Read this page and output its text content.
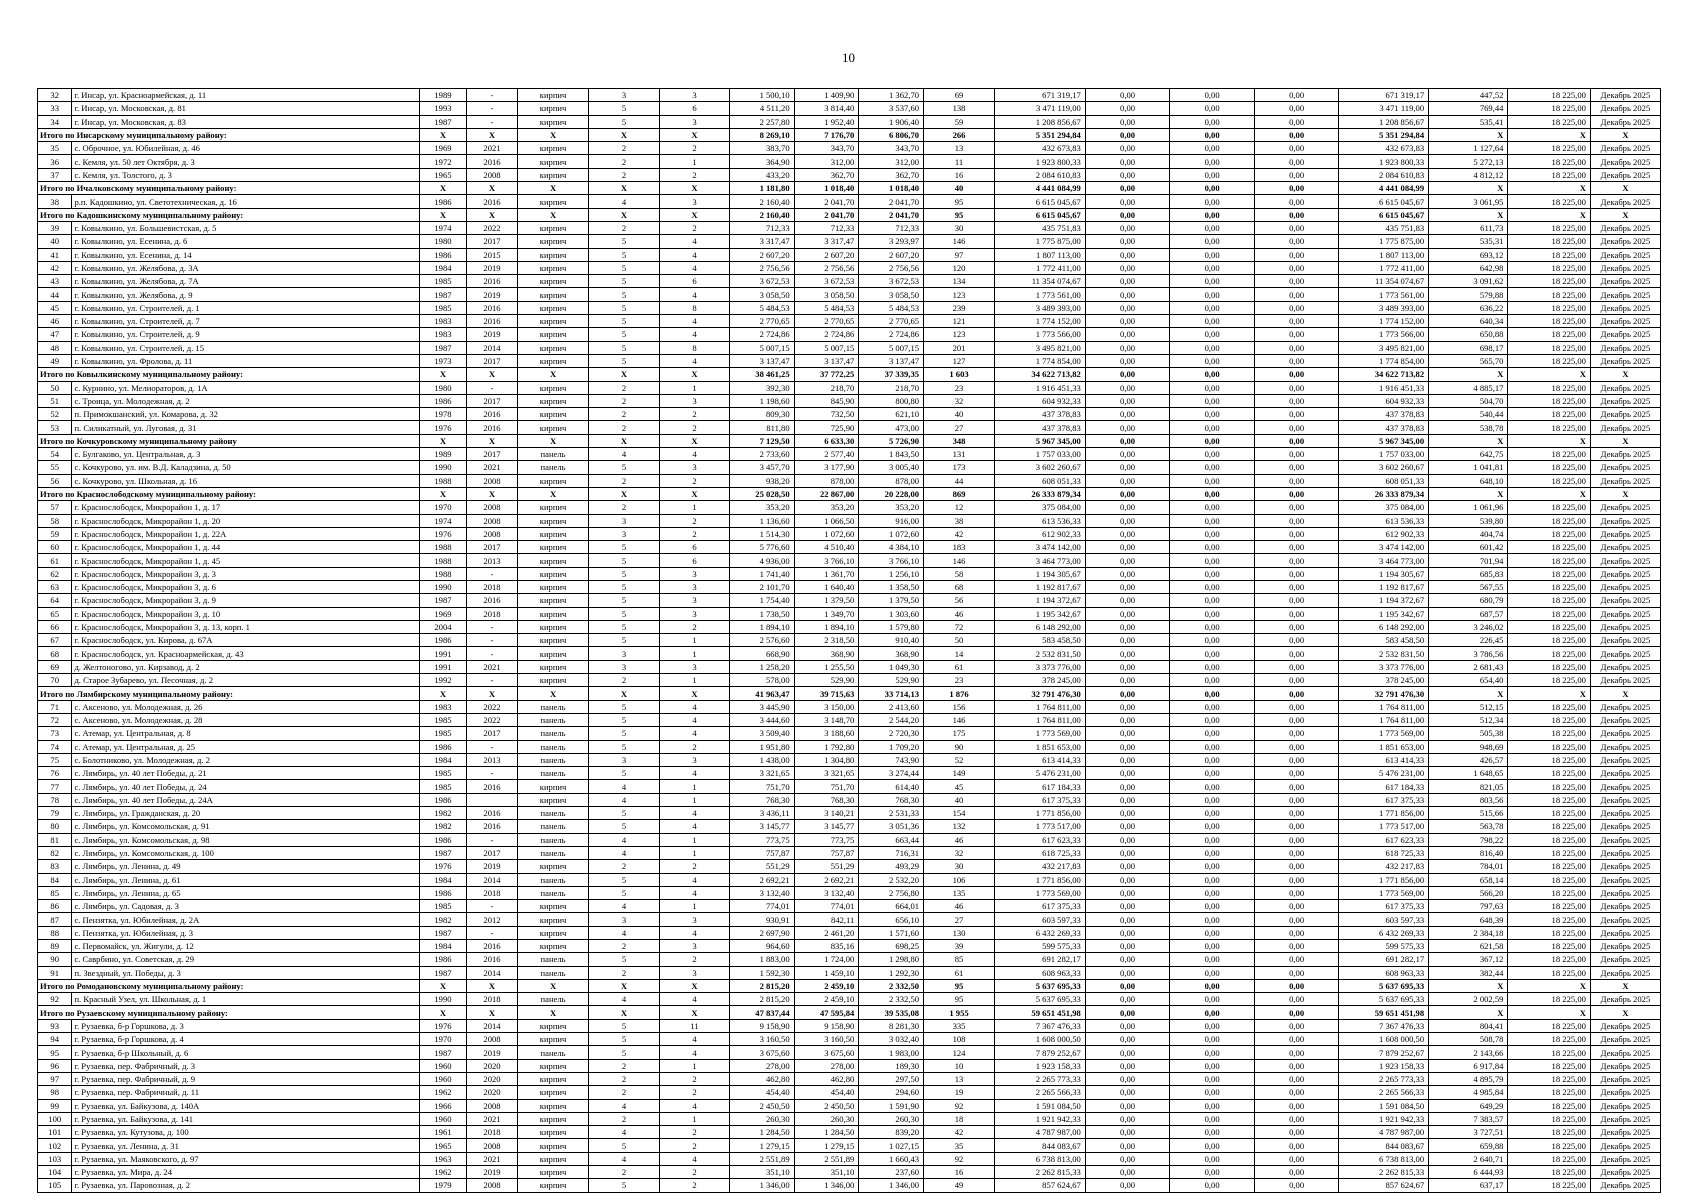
10
32	г. Инсар, ул. Красноармейская, д. 11	1989	-	кирпич	3	3	1 500,10	1 409,90	1 362,70	69	671 319,17	0,00	0,00	0,00	671 319,17	447,52	18 225,00	Декабрь 2025
33	г. Инсар, ул. Московская, д. 81	1993	-	кирпич	5	6	4 511,20	3 814,40	3 537,60	138	3 471 119,00	0,00	0,00	0,00	3 471 119,00	769,44	18 225,00	Декабрь 2025
34	г. Инсар, ул. Московская, д. 83	1987	-	кирпич	5	3	2 257,80	1 952,40	1 906,40	59	1 208 856,67	0,00	0,00	0,00	1 208 856,67	535,41	18 225,00	Декабрь 2025
Итого по Инсарскому муниципальному району:		X	X	X	X	X	8 269,10	7 176,70	6 806,70	266	5 351 294,84	0,00	0,00	0,00	5 351 294,84	X	X	X
35	с. Оброчное, ул. Юбилейная, д. 46	1969	2021	кирпич	2	2	383,70	343,70	343,70	13	432 673,83	0,00	0,00	0,00	432 673,83	1 127,64	18 225,00	Декабрь 2025
36	с. Кемля, ул. 50 лет Октября, д. 3	1972	2016	кирпич	2	1	364,90	312,00	312,00	11	1 923 800,33	0,00	0,00	0,00	1 923 800,33	5 272,13	18 225,00	Декабрь 2025
37	с. Кемля, ул. Толстого, д. 3	1965	2008	кирпич	2	2	433,20	362,70	362,70	16	2 084 610,83	0,00	0,00	0,00	2 084 610,83	4 812,12	18 225,00	Декабрь 2025
Итого по Ичалковскому муниципальному району:		X	X	X	X	X	1 181,80	1 018,40	1 018,40	40	4 441 084,99	0,00	0,00	0,00	4 441 084,99	X	X	X
38	р.п. Кадошкино, ул. Светотехническая, д. 16	1986	2016	кирпич	4	3	2 160,40	2 041,70	2 041,70	95	6 615 045,67	0,00	0,00	0,00	6 615 045,67	3 061,95	18 225,00	Декабрь 2025
Итого по Кадошкинскому муниципальному району:		X	X	X	X	X	2 160,40	2 041,70	2 041,70	95	6 615 045,67	0,00	0,00	0,00	6 615 045,67	X	X	X
39	г. Ковылкино, ул. Большевистская, д. 5	1974	2022	кирпич	2	2	712,33	712,33	712,33	30	435 751,83	0,00	0,00	0,00	435 751,83	611,73	18 225,00	Декабрь 2025
40	г. Ковылкино, ул. Есенина, д. 6	1980	2017	кирпич	5	4	3 317,47	3 317,47	3 293,97	146	1 775 875,00	0,00	0,00	0,00	1 775 875,00	535,31	18 225,00	Декабрь 2025
41	г. Ковылкино, ул. Есенина, д. 14	1986	2015	кирпич	5	4	2 607,20	2 607,20	2 607,20	97	1 807 113,00	0,00	0,00	0,00	1 807 113,00	693,12	18 225,00	Декабрь 2025
42	г. Ковылкино, ул. Желябова, д. 3А	1984	2019	кирпич	5	4	2 756,56	2 756,56	2 756,56	120	1 772 411,00	0,00	0,00	0,00	1 772 411,00	642,98	18 225,00	Декабрь 2025
43	г. Ковылкино, ул. Желябова, д. 7А	1985	2016	кирпич	5	6	3 672,53	3 672,53	3 672,53	134	11 354 074,67	0,00	0,00	0,00	11 354 074,67	3 091,62	18 225,00	Декабрь 2025
44	г. Ковылкино, ул. Желябова, д. 9	1987	2019	кирпич	5	4	3 058,50	3 058,50	3 058,50	123	1 773 561,00	0,00	0,00	0,00	1 773 561,00	579,88	18 225,00	Декабрь 2025
45	г. Ковылкино, ул. Строителей, д. 1	1985	2016	кирпич	5	8	5 484,53	5 484,53	5 484,53	239	3 489 393,00	0,00	0,00	0,00	3 489 393,00	636,22	18 225,00	Декабрь 2025
46	г. Ковылкино, ул. Строителей, д. 7	1983	2016	кирпич	5	4	2 770,65	2 770,65	2 770,65	121	1 774 152,00	0,00	0,00	0,00	1 774 152,00	640,34	18 225,00	Декабрь 2025
47	г. Ковылкино, ул. Строителей, д. 9	1983	2019	кирпич	5	4	2 724,86	2 724,86	2 724,86	123	1 773 566,00	0,00	0,00	0,00	1 773 566,00	650,88	18 225,00	Декабрь 2025
48	г. Ковылкино, ул. Строителей, д. 15	1987	2014	кирпич	5	8	5 007,15	5 007,15	5 007,15	201	3 495 821,00	0,00	0,00	0,00	3 495 821,00	698,17	18 225,00	Декабрь 2025
49	г. Ковылкино, ул. Фролова, д. 11	1973	2017	кирпич	5	4	3 137,47	3 137,47	3 137,47	127	1 774 854,00	0,00	0,00	0,00	1 774 854,00	565,70	18 225,00	Декабрь 2025
Итого по Ковылкинскому муниципальному району:		X	X	X	X	X	38 461,25	37 772,25	37 339,35	1 603	34 622 713,82	0,00	0,00	0,00	34 622 713,82	X	X	X
50	с. Курнино, ул. Мелиораторов, д. 1А	1980	-	кирпич	2	1	392,30	218,70	218,70	23	1 916 451,33	0,00	0,00	0,00	1 916 451,33	4 885,17	18 225,00	Декабрь 2025
51	с. Троица, ул. Молодежная, д. 2	1986	2017	кирпич	2	3	1 198,60	845,90	800,80	32	604 932,33	0,00	0,00	0,00	604 932,33	504,70	18 225,00	Декабрь 2025
52	п. Примокшанский, ул. Комарова, д. 32	1978	2016	кирпич	2	2	809,30	732,50	621,10	40	437 378,83	0,00	0,00	0,00	437 378,83	540,44	18 225,00	Декабрь 2025
53	п. Силикатный, ул. Луговая, д. 31	1976	2016	кирпич	2	2	811,80	725,90	473,00	27	437 378,83	0,00	0,00	0,00	437 378,83	538,78	18 225,00	Декабрь 2025
Итого по Кочкуровскому муниципальному району		X	X	X	X	X	7 129,50	6 633,30	5 726,90	348	5 967 345,00	0,00	0,00	0,00	5 967 345,00	X	X	X
54	с. Булгаково, ул. Центральная, д. 3	1989	2017	панель	4	4	2 733,60	2 577,40	1 843,50	131	1 757 033,00	0,00	0,00	0,00	1 757 033,00	642,75	18 225,00	Декабрь 2025
55	с. Кочкурово, ул. им. В.Д. Каладзина, д. 50	1990	2021	панель	5	3	3 457,70	3 177,90	3 005,40	173	3 602 260,67	0,00	0,00	0,00	3 602 260,67	1 041,81	18 225,00	Декабрь 2025
56	с. Кочкурово, ул. Школьная, д. 16	1988	2008	кирпич	2	2	938,20	878,00	878,00	44	608 051,33	0,00	0,00	0,00	608 051,33	648,10	18 225,00	Декабрь 2025
Итого по Краснослободскому муниципальному району:		X	X	X	X	X	25 028,50	22 867,00	20 228,00	869	26 333 879,34	0,00	0,00	0,00	26 333 879,34	X	X	X
57	г. Краснослободск, Микрорайон 1, д. 17	1970	2008	кирпич	2	1	353,20	353,20	353,20	12	375 084,00	0,00	0,00	0,00	375 084,00	1 061,96	18 225,00	Декабрь 2025
58	г. Краснослободск, Микрорайон 1, д. 20	1974	2008	кирпич	3	2	1 136,60	1 066,50	916,00	38	613 536,33	0,00	0,00	0,00	613 536,33	539,80	18 225,00	Декабрь 2025
59	г. Краснослободск, Микрорайон 1, д. 22А	1976	2008	кирпич	3	2	1 514,30	1 072,60	1 072,60	42	612 902,33	0,00	0,00	0,00	612 902,33	404,74	18 225,00	Декабрь 2025
60	г. Краснослободск, Микрорайон 1, д. 44	1988	2017	кирпич	5	6	5 776,60	4 510,40	4 384,10	183	3 474 142,00	0,00	0,00	0,00	3 474 142,00	601,42	18 225,00	Декабрь 2025
61	г. Краснослободск, Микрорайон 1, д. 45	1988	2013	кирпич	5	6	4 936,00	3 766,10	3 766,10	146	3 464 773,00	0,00	0,00	0,00	3 464 773,00	701,94	18 225,00	Декабрь 2025
62	г. Краснослободск, Микрорайон 3, д. 3	1988	-	кирпич	5	3	1 741,40	1 361,70	1 256,10	58	1 194 305,67	0,00	0,00	0,00	1 194 305,67	685,83	18 225,00	Декабрь 2025
63	г. Краснослободск, Микрорайон 3, д. 6	1990	2018	кирпич	5	3	2 101,70	1 640,40	1 358,50	68	1 192 817,67	0,00	0,00	0,00	1 192 817,67	567,55	18 225,00	Декабрь 2025
64	г. Краснослободск, Микрорайон 3, д. 9	1987	2016	кирпич	5	3	1 754,40	1 379,50	1 379,50	56	1 194 372,67	0,00	0,00	0,00	1 194 372,67	680,79	18 225,00	Декабрь 2025
65	г. Краснослободск, Микрорайон 3, д. 10	1969	2018	кирпич	5	3	1 738,50	1 349,70	1 303,60	46	1 195 342,67	0,00	0,00	0,00	1 195 342,67	687,57	18 225,00	Декабрь 2025
66	г. Краснослободск, Микрорайон 3, д. 13, корп. 1	2004	-	кирпич	5	2	1 894,10	1 894,10	1 579,80	72	6 148 292,00	0,00	0,00	0,00	6 148 292,00	3 246,02	18 225,00	Декабрь 2025
67	г. Краснослободск, ул. Кирова, д. 67А	1986	-	кирпич	5	1	2 576,60	2 318,50	910,40	50	583 458,50	0,00	0,00	0,00	583 458,50	226,45	18 225,00	Декабрь 2025
68	г. Краснослободск, ул. Красноармейская, д. 43	1991	-	кирпич	3	1	668,90	368,90	368,90	14	2 532 831,50	0,00	0,00	0,00	2 532 831,50	3 786,56	18 225,00	Декабрь 2025
69	д. Желтоногово, ул. Кирзавод, д. 2	1991	2021	кирпич	3	3	1 258,20	1 255,50	1 049,30	61	3 373 776,00	0,00	0,00	0,00	3 373 776,00	2 681,43	18 225,00	Декабрь 2025
70	д. Старое Зубарево, ул. Песочная, д. 2	1992	-	кирпич	2	1	578,00	529,90	529,90	23	378 245,00	0,00	0,00	0,00	378 245,00	654,40	18 225,00	Декабрь 2025
Итого по Лямбирскому муниципальному району:		X	X	X	X	X	41 963,47	39 715,63	33 714,13	1 876	32 791 476,30	0,00	0,00	0,00	32 791 476,30	X	X	X
71	с. Аксеново, ул. Молодежная, д. 26	1983	2022	панель	5	4	3 445,90	3 150,00	2 413,60	156	1 764 811,00	0,00	0,00	0,00	1 764 811,00	512,15	18 225,00	Декабрь 2025
72	с. Аксеново, ул. Молодежная, д. 28	1985	2022	панель	5	4	3 444,60	3 148,70	2 544,20	146	1 764 811,00	0,00	0,00	0,00	1 764 811,00	512,34	18 225,00	Декабрь 2025
73	с. Атемар, ул. Центральная, д. 8	1985	2017	панель	5	4	3 509,40	3 188,60	2 720,30	175	1 773 569,00	0,00	0,00	0,00	1 773 569,00	505,38	18 225,00	Декабрь 2025
74	с. Атемар, ул. Центральная, д. 25	1986	-	панель	5	2	1 951,80	1 792,80	1 709,20	90	1 851 653,00	0,00	0,00	0,00	1 851 653,00	948,69	18 225,00	Декабрь 2025
75	с. Болотниково, ул. Молодежная, д. 2	1984	2013	панель	3	3	1 438,00	1 304,80	743,90	52	613 414,33	0,00	0,00	0,00	613 414,33	426,57	18 225,00	Декабрь 2025
76	с. Лямбирь, ул. 40 лет Победы, д. 21	1985	-	панель	5	4	3 321,65	3 321,65	3 274,44	149	5 476 231,00	0,00	0,00	0,00	5 476 231,00	1 648,65	18 225,00	Декабрь 2025
77	с. Лямбирь, ул. 40 лет Победы, д. 24	1985	2016	кирпич	4	1	751,70	751,70	614,40	45	617 184,33	0,00	0,00	0,00	617 184,33	821,05	18 225,00	Декабрь 2025
78	с. Лямбирь, ул. 40 лет Победы, д. 24А	1986		кирпич	4	1	768,30	768,30	768,30	40	617 375,33	0,00	0,00	0,00	617 375,33	803,56	18 225,00	Декабрь 2025
79	с. Лямбирь, ул. Гражданская, д. 20	1982	2016	панель	5	4	3 436,11	3 140,21	2 531,33	154	1 771 856,00	0,00	0,00	0,00	1 771 856,00	515,66	18 225,00	Декабрь 2025
80	с. Лямбирь, ул. Комсомольская, д. 91	1982	2016	панель	5	4	3 145,77	3 145,77	3 051,36	132	1 773 517,00	0,00	0,00	0,00	1 773 517,00	563,78	18 225,00	Декабрь 2025
81	с. Лямбирь, ул. Комсомольская, д. 98	1986	-	панель	4	1	773,75	773,75	663,44	46	617 623,33	0,00	0,00	0,00	617 623,33	798,22	18 225,00	Декабрь 2025
82	с. Лямбирь, ул. Комсомольская, д. 100	1987	2017	панель	4	1	757,87	757,87	716,31	32	618 725,33	0,00	0,00	0,00	618 725,33	816,40	18 225,00	Декабрь 2025
83	с. Лямбирь, ул. Ленина, д. 49	1976	2019	кирпич	2	2	551,29	551,29	493,29	30	432 217,83	0,00	0,00	0,00	432 217,83	784,01	18 225,00	Декабрь 2025
84	с. Лямбирь, ул. Ленина, д. 61	1984	2014	панель	5	4	2 692,21	2 692,21	2 532,20	106	1 771 856,00	0,00	0,00	0,00	1 771 856,00	658,14	18 225,00	Декабрь 2025
85	с. Лямбирь, ул. Ленина, д. 65	1986	2018	панель	5	4	3 132,40	3 132,40	2 756,80	135	1 773 569,00	0,00	0,00	0,00	1 773 569,00	566,20	18 225,00	Декабрь 2025
86	с. Лямбирь, ул. Садовая, д. 3	1985	-	кирпич	4	1	774,01	774,01	664,01	46	617 375,33	0,00	0,00	0,00	617 375,33	797,63	18 225,00	Декабрь 2025
87	с. Пензятка, ул. Юбилейная, д. 2А	1982	2012	кирпич	3	3	930,91	842,11	656,10	27	603 597,33	0,00	0,00	0,00	603 597,33	648,39	18 225,00	Декабрь 2025
88	с. Пензятка, ул. Юбилейная, д. 3	1987	-	кирпич	4	4	2 697,90	2 461,20	1 571,60	130	6 432 269,33	0,00	0,00	0,00	6 432 269,33	2 384,18	18 225,00	Декабрь 2025
89	с. Первомайск, ул. Жигули, д. 12	1984	2016	кирпич	2	3	964,60	835,16	698,25	39	599 575,33	0,00	0,00	0,00	599 575,33	621,58	18 225,00	Декабрь 2025
90	с. Саврбино, ул. Советская, д. 29	1986	2016	панель	5	2	1 883,00	1 724,00	1 298,80	85	691 282,17	0,00	0,00	0,00	691 282,17	367,12	18 225,00	Декабрь 2025
91	п. Звездный, ул. Победы, д. 3	1987	2014	панель	2	3	1 592,30	1 459,10	1 292,30	61	608 963,33	0,00	0,00	0,00	608 963,33	382,44	18 225,00	Декабрь 2025
Итого по Ромодановскому муниципальному району:		X	X	X	X	X	2 815,20	2 459,10	2 332,50	95	5 637 695,33	0,00	0,00	0,00	5 637 695,33	X	X	X
92	п. Красный Узел, ул. Школьная, д. 1	1990	2018	панель	4	4	2 815,20	2 459,10	2 332,50	95	5 637 695,33	0,00	0,00	0,00	5 637 695,33	2 002,59	18 225,00	Декабрь 2025
Итого по Рузаевскому муниципальному району:		X	X	X	X	X	47 837,44	47 595,84	39 535,08	1 955	59 651 451,98	0,00	0,00	0,00	59 651 451,98	X	X	X
93	г. Рузаевка, б-р Горшкова, д. 3	1976	2014	кирпич	5	11	9 158,90	9 158,90	8 281,30	335	7 367 476,33	0,00	0,00	0,00	7 367 476,33	804,41	18 225,00	Декабрь 2025
94	г. Рузаевка, б-р Горшкова, д. 4	1970	2008	кирпич	5	4	3 160,50	3 160,50	3 032,40	108	1 608 000,50	0,00	0,00	0,00	1 608 000,50	508,78	18 225,00	Декабрь 2025
95	г. Рузаевка, б-р Школьный, д. 6	1987	2019	панель	5	4	3 675,60	3 675,60	1 983,00	124	7 879 252,67	0,00	0,00	0,00	7 879 252,67	2 143,66	18 225,00	Декабрь 2025
96	г. Рузаевка, пер. Фабричный, д. 3	1960	2020	кирпич	2	1	278,00	278,00	189,30	10	1 923 158,33	0,00	0,00	0,00	1 923 158,33	6 917,84	18 225,00	Декабрь 2025
97	г. Рузаевка, пер. Фабричный, д. 9	1960	2020	кирпич	2	2	462,80	462,80	297,50	13	2 265 773,33	0,00	0,00	0,00	2 265 773,33	4 895,79	18 225,00	Декабрь 2025
98	г. Рузаевка, пер. Фабричный, д. 11	1962	2020	кирпич	2	2	454,40	454,40	294,60	19	2 265 566,33	0,00	0,00	0,00	2 265 566,33	4 985,84	18 225,00	Декабрь 2025
99	г. Рузаевка, ул. Байкузова, д. 140А	1966	2008	кирпич	4	4	2 450,50	2 450,50	1 591,90	92	1 591 084,50	0,00	0,00	0,00	1 591 084,50	649,29	18 225,00	Декабрь 2025
100	г. Рузаевка, ул. Байкузова, д. 141	1960	2021	кирпич	2	1	260,30	260,30	260,30	18	1 921 942,33	0,00	0,00	0,00	1 921 942,33	7 383,57	18 225,00	Декабрь 2025
101	г. Рузаевка, ул. Кутузова, д. 100	1961	2018	кирпич	4	2	1 284,50	1 284,50	839,20	42	4 787 987,00	0,00	0,00	0,00	4 787 987,00	3 727,51	18 225,00	Декабрь 2025
102	г. Рузаевка, ул. Ленина, д. 31	1965	2008	кирпич	5	2	1 279,15	1 279,15	1 027,15	35	844 083,67	0,00	0,00	0,00	844 083,67	659,88	18 225,00	Декабрь 2025
103	г. Рузаевка, ул. Маяковского, д. 97	1963	2021	кирпич	4	4	2 551,89	2 551,89	1 660,43	92	6 738 813,00	0,00	0,00	0,00	6 738 813,00	2 640,71	18 225,00	Декабрь 2025
104	г. Рузаевка, ул. Мира, д. 24	1962	2019	кирпич	2	2	351,10	351,10	237,60	16	2 262 815,33	0,00	0,00	0,00	2 262 815,33	6 444,93	18 225,00	Декабрь 2025
105	г. Рузаевка, ул. Паровозная, д. 2	1979	2008	кирпич	5	2	1 346,00	1 346,00	1 346,00	49	857 624,67	0,00	0,00	0,00	857 624,67	637,17	18 225,00	Декабрь 2025
